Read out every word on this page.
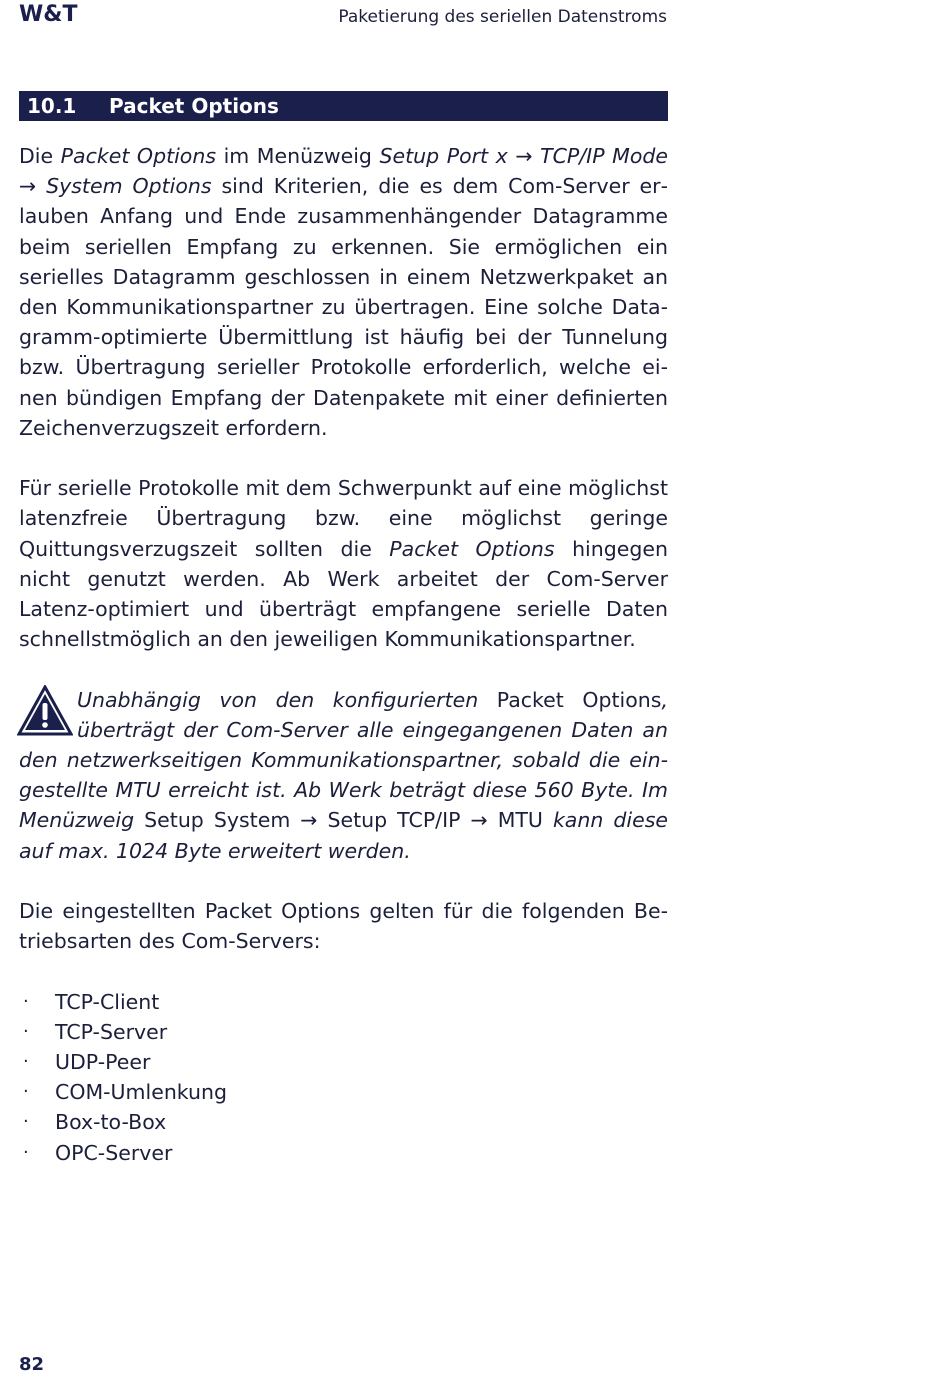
W&T	Paketierung des seriellen Datenstroms
10.1 Packet Options

Die Packet Options im Menüzweig Setup Port x → TCP/IP Mode → System Options sind Kriterien, die es dem Com-Server erlauben Anfang und Ende zusammenhängender Datagramme beim seriellen Empfang zu erkennen. Sie ermöglichen ein serielles Datagramm geschlossen in einem Netzwerkpaket an den Kommunikationspartner zu übertragen. Eine solche Datagramm-optimierte Übermittlung ist häufig bei der Tunnelung bzw. Übertragung serieller Protokolle erforderlich, welche einen bündigen Empfang der Datenpakete mit einer definierten Zeichenverzugszeit erfordern.

Für serielle Protokolle mit dem Schwerpunkt auf eine möglichst latenzfreie Übertragung bzw. eine möglichst geringe Quittungsverzugszeit sollten die Packet Options hingegen nicht genutzt werden. Ab Werk arbeitet der Com-Server Latenz-optimiert und überträgt empfangene serielle Daten schnellstmöglich an den jeweiligen Kommunikationspartner.

Unabhängig von den konfigurierten Packet Options, überträgt der Com-Server alle eingegangenen Daten an den netzwerkseitigen Kommunikationspartner, sobald die eingestellte MTU erreicht ist. Ab Werk beträgt diese 560 Byte. Im Menüzweig Setup System → Setup TCP/IP → MTU kann diese auf max. 1024 Byte erweitert werden.

Die eingestellten Packet Options gelten für die folgenden Betriebsarten des Com-Servers:

· TCP-Client
· TCP-Server
· UDP-Peer
· COM-Umlenkung
· Box-to-Box
· OPC-Server
82
